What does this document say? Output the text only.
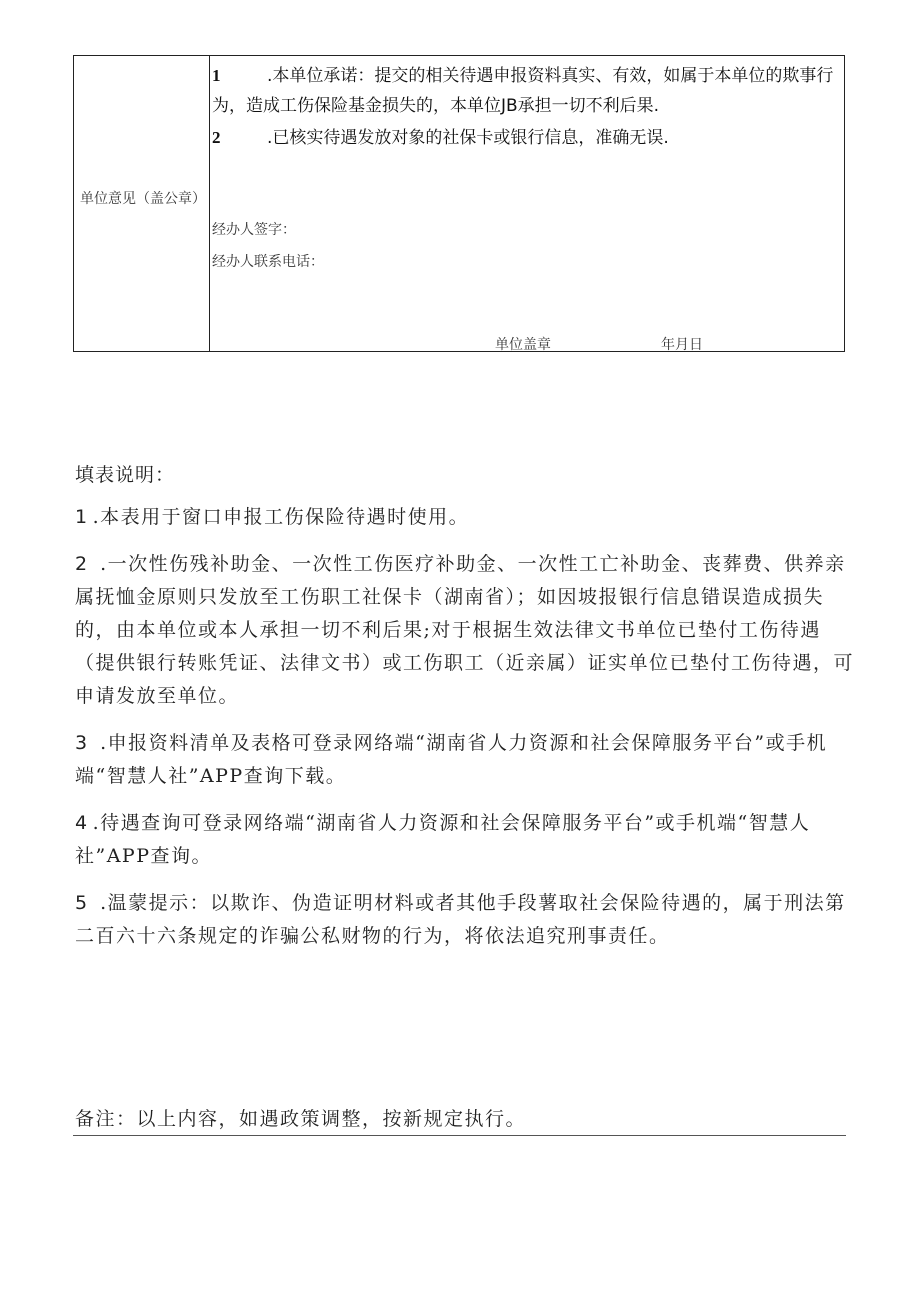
单位意见（盖公章）
1	.本单位承诺：提交的相关待遇申报资料真实、有效，如属于本单位的欺事行为，造成工伤保险基金损失的，本单位JB承担一切不利后果.
2	.已核实待遇发放对象的社保卡或银行信息，准确无误.
经办人签字：
经办人联系电话：
单位盖章	年月日
填表说明：
1 .本表用于窗口申报工伤保险待遇时使用。
2 .一次性伤残补助金、一次性工伤医疗补助金、一次性工亡补助金、丧葬费、供养亲属抚恤金原则只发放至工伤职工社保卡（湖南省）；如因坡报银行信息错误造成损失的，由本单位或本人承担一切不利后果;对于根据生效法律文书单位已垫付工伤待遇（提供银行转账凭证、法律文书）或工伤职工（近亲属）证实单位已垫付工伤待遇，可申请发放至单位。
3 .申报资料清单及表格可登录网络端“湖南省人力资源和社会保障服务平台”或手机端“智慧人社”APP查询下载。
4 .待遇查询可登录网络端“湖南省人力资源和社会保障服务平台”或手机端“智慧人社”APP查询。
5 .温蒙提示：以欺诈、伪造证明材料或者其他手段薯取社会保险待遇的，属于刑法第二百六十六条规定的诈骗公私财物的行为，将依法追究刑事责任。
备注：以上内容，如遇政策调整，按新规定执行。
